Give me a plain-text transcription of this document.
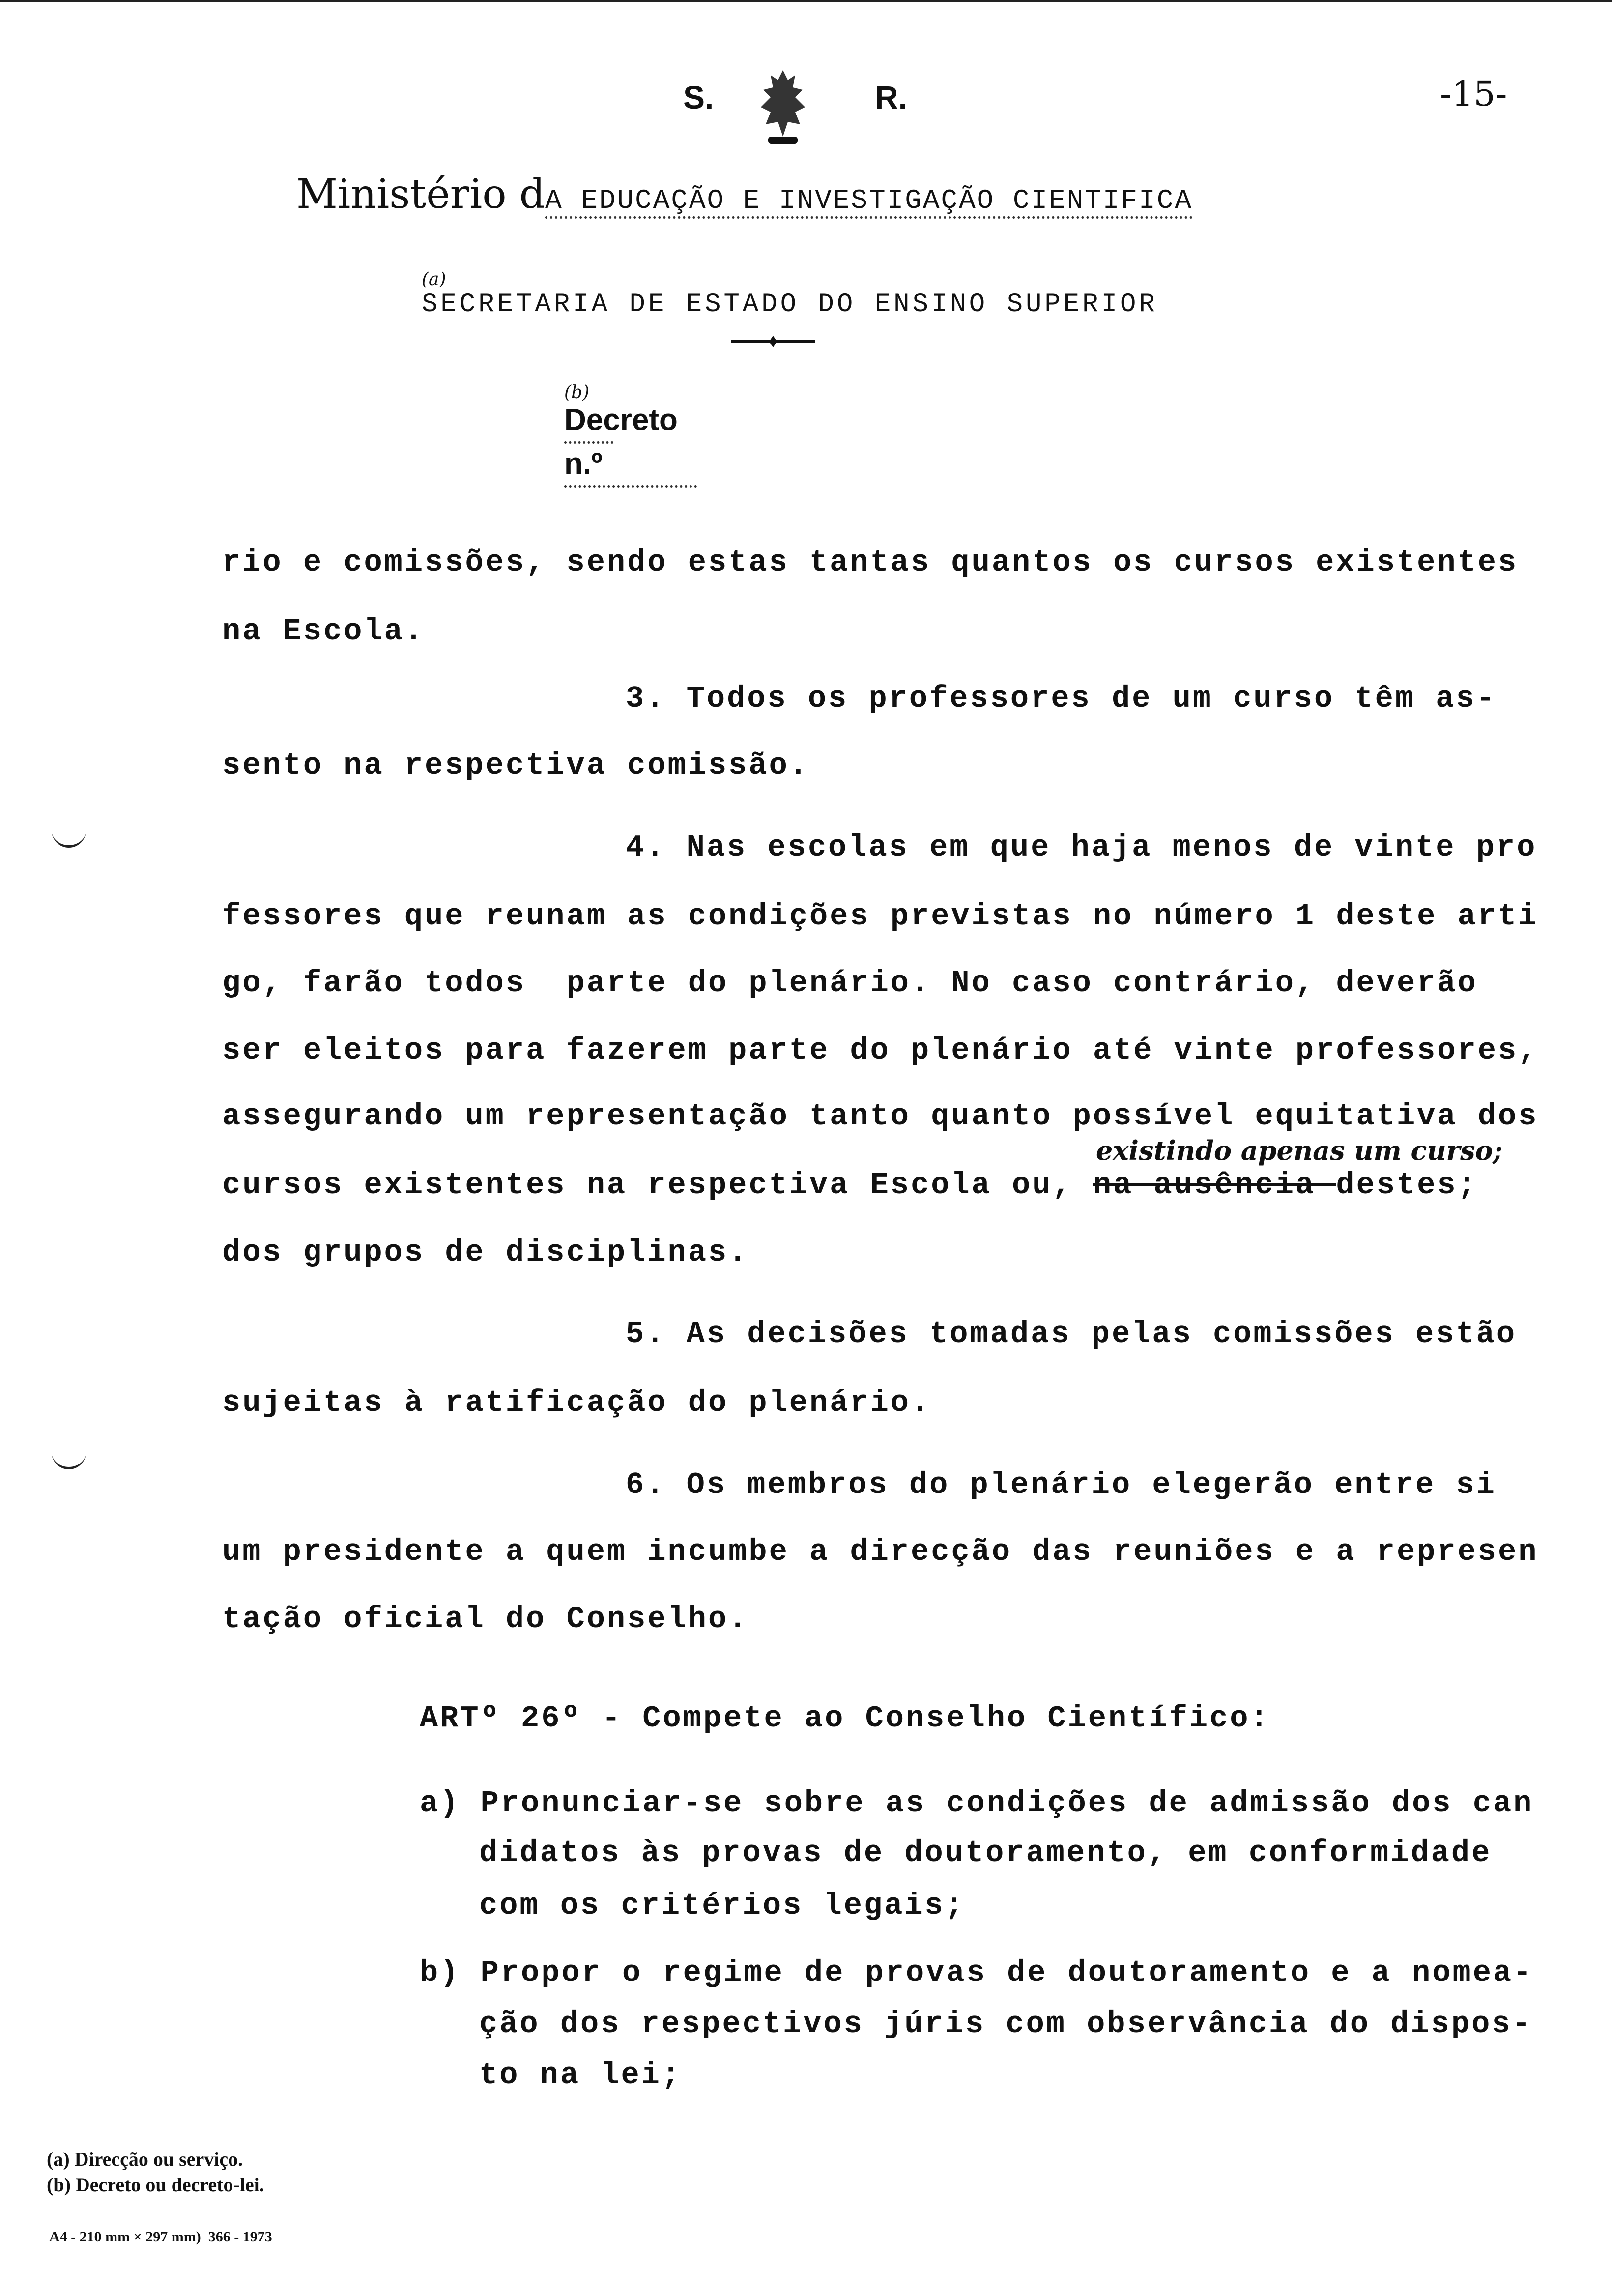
S.

	R.	-15-

Ministério dA EDUCAÇÃO E INVESTIGAÇÃO CIENTIFICA

(a)
SECRETARIA DE ESTADO DO ENSINO SUPERIOR

(b)
Decreto

n.º

rio e comissões, sendo estas tantas quantos os cursos existentes
na Escola.
3. Todos os professores de um curso têm as-
sento na respectiva comissão.
4. Nas escolas em que haja menos de vinte pro
fessores que reunam as condições previstas no número 1 deste arti
go, farão todos  parte do plenário. No caso contrário, deverão
ser eleitos para fazerem parte do plenário até vinte professores,
assegurando um representação tanto quanto possível equitativa dos
existindo apenas um curso;
cursos existentes na respectiva Escola ou, na ausência destes;
dos grupos de disciplinas.
5. As decisões tomadas pelas comissões estão
sujeitas à ratificação do plenário.
6. Os membros do plenário elegerão entre si
um presidente a quem incumbe a direcção das reuniões e a represen
tação oficial do Conselho.
ARTº 26º - Compete ao Conselho Científico:
a) Pronunciar-se sobre as condições de admissão dos can
didatos às provas de doutoramento, em conformidade
com os critérios legais;
b) Propor o regime de provas de doutoramento e a nomea-
ção dos respectivos júris com observância do dispos-
to na lei;
(a) Direcção ou serviço.
(b) Decreto ou decreto-lei.
A4 - 210 mm × 297 mm)  366 - 1973
